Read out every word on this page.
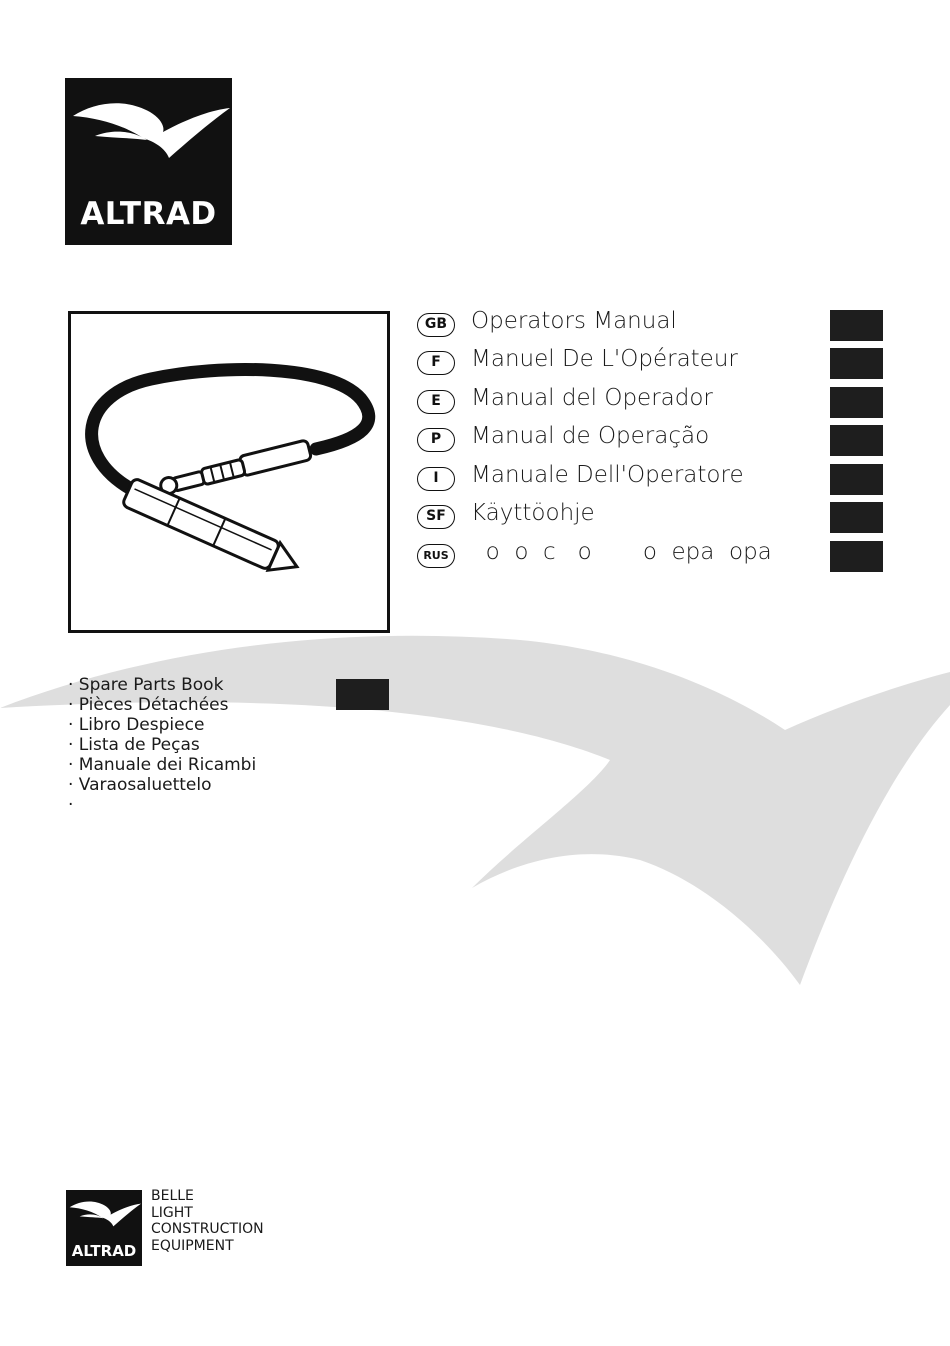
ALTRAD
GB	Operators Manual
F	Manuel De L'Opérateur
E	Manual del Operador
P	Manual de Operação
I	Manuale Dell'Operatore
SF	Käyttöohje
RUS о  о  с   о       о  ера  ора
· Spare Parts Book
· Pièces Détachées
· Libro Despiece
· Lista de Peças
· Manuale dei Ricambi
· Varaosaluettelo
·
ALTRAD
BELLE
LIGHT
CONSTRUCTION
EQUIPMENT
